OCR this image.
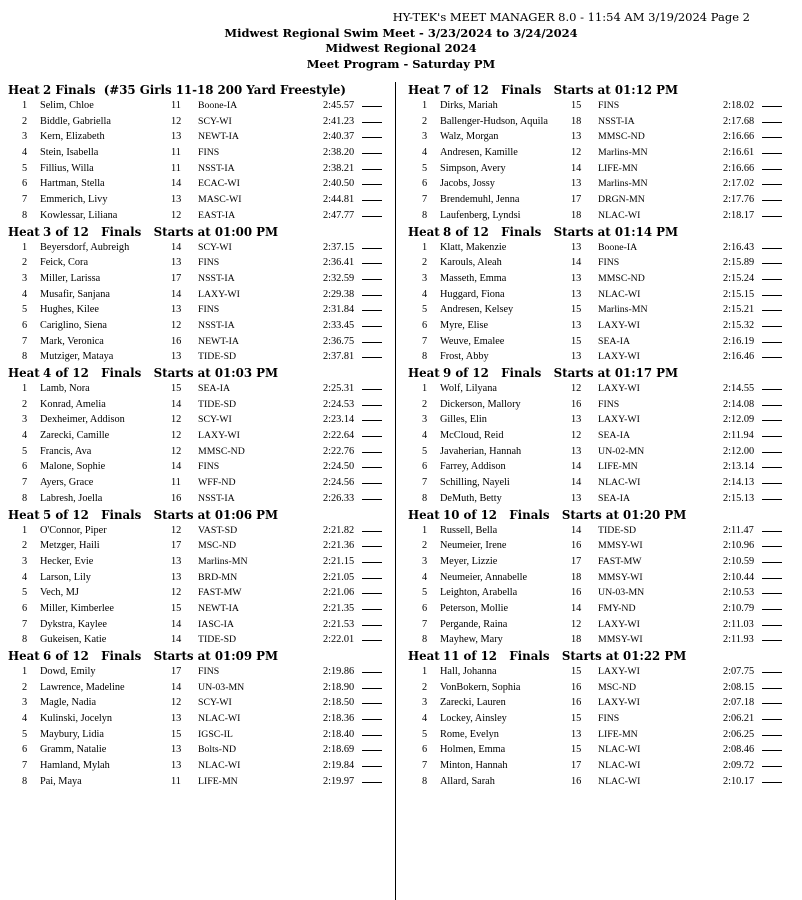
HY-TEK's MEET MANAGER 8.0 - 11:54 AM 3/19/2024 Page 2
Midwest Regional Swim Meet - 3/23/2024 to 3/24/2024
Midwest Regional 2024
Meet Program - Saturday PM
Heat 2 Finals  (#35 Girls 11-18 200 Yard Freestyle)
1	Selim, Chloe	11 Boone-IA	2:45.57
2	Biddle, Gabriella	12 SCY-WI	2:41.23
3	Kern, Elizabeth	13 NEWT-IA	2:40.37
4	Stein, Isabella	11 FINS	2:38.20
5	Fillius, Willa	11 NSST-IA	2:38.21
6	Hartman, Stella	14 ECAC-WI	2:40.50
7	Emmerich, Livy	13 MASC-WI	2:44.81
8	Kowlessar, Liliana	12 EAST-IA	2:47.77
Heat 3 of 12   Finals   Starts at 01:00 PM
1	Beyersdorf, Aubreigh	14 SCY-WI	2:37.15
2	Feick, Cora	13 FINS	2:36.41
3	Miller, Larissa	17 NSST-IA	2:32.59
4	Musafir, Sanjana	14 LAXY-WI	2:29.38
5	Hughes, Kilee	13 FINS	2:31.84
6	Cariglino, Siena	12 NSST-IA	2:33.45
7	Mark, Veronica	16 NEWT-IA	2:36.75
8	Mutziger, Mataya	13 TIDE-SD	2:37.81
Heat 4 of 12   Finals   Starts at 01:03 PM
1	Lamb, Nora	15 SEA-IA	2:25.31
2	Konrad, Amelia	14 TIDE-SD	2:24.53
3	Dexheimer, Addison	12 SCY-WI	2:23.14
4	Zarecki, Camille	12 LAXY-WI	2:22.64
5	Francis, Ava	12 MMSC-ND	2:22.76
6	Malone, Sophie	14 FINS	2:24.50
7	Ayers, Grace	11 WFF-ND	2:24.56
8	Labresh, Joella	16 NSST-IA	2:26.33
Heat 5 of 12   Finals   Starts at 01:06 PM
1	O'Connor, Piper	12 VAST-SD	2:21.82
2	Metzger, Haili	17 MSC-ND	2:21.36
3	Hecker, Evie	13 Marlins-MN	2:21.15
4	Larson, Lily	13 BRD-MN	2:21.05
5	Vech, MJ	12 FAST-MW	2:21.06
6	Miller, Kimberlee	15 NEWT-IA	2:21.35
7	Dykstra, Kaylee	14 IASC-IA	2:21.53
8	Gukeisen, Katie	14 TIDE-SD	2:22.01
Heat 6 of 12   Finals   Starts at 01:09 PM
1	Dowd, Emily	17 FINS	2:19.86
2	Lawrence, Madeline	14 UN-03-MN	2:18.90
3	Magle, Nadia	12 SCY-WI	2:18.50
4	Kulinski, Jocelyn	13 NLAC-WI	2:18.36
5	Maybury, Lidia	15 IGSC-IL	2:18.40
6	Gramm, Natalie	13 Bolts-ND	2:18.69
7	Hamland, Mylah	13 NLAC-WI	2:19.84
8	Pai, Maya	11 LIFE-MN	2:19.97
Heat 7 of 12   Finals   Starts at 01:12 PM
1	Dirks, Mariah	15 FINS	2:18.02
2	Ballenger-Hudson, Aquila 18 NSST-IA	2:17.68
3	Walz, Morgan	13 MMSC-ND	2:16.66
4	Andresen, Kamille	12 Marlins-MN	2:16.61
5	Simpson, Avery	14 LIFE-MN	2:16.66
6	Jacobs, Jossy	13 Marlins-MN	2:17.02
7	Brendemuhl, Jenna	17 DRGN-MN	2:17.76
8	Laufenberg, Lyndsi	18 NLAC-WI	2:18.17
Heat 8 of 12   Finals   Starts at 01:14 PM
1	Klatt, Makenzie	13 Boone-IA	2:16.43
2	Karouls, Aleah	14 FINS	2:15.89
3	Masseth, Emma	13 MMSC-ND	2:15.24
4	Huggard, Fiona	13 NLAC-WI	2:15.15
5	Andresen, Kelsey	15 Marlins-MN	2:15.21
6	Myre, Elise	13 LAXY-WI	2:15.32
7	Weuve, Emalee	15 SEA-IA	2:16.19
8	Frost, Abby	13 LAXY-WI	2:16.46
Heat 9 of 12   Finals   Starts at 01:17 PM
1	Wolf, Lilyana	12 LAXY-WI	2:14.55
2	Dickerson, Mallory	16 FINS	2:14.08
3	Gilles, Elin	13 LAXY-WI	2:12.09
4	McCloud, Reid	12 SEA-IA	2:11.94
5	Javaherian, Hannah	13 UN-02-MN	2:12.00
6	Farrey, Addison	14 LIFE-MN	2:13.14
7	Schilling, Nayeli	14 NLAC-WI	2:14.13
8	DeMuth, Betty	13 SEA-IA	2:15.13
Heat 10 of 12   Finals   Starts at 01:20 PM
1	Russell, Bella	14 TIDE-SD	2:11.47
2	Neumeier, Irene	16 MMSY-WI	2:10.96
3	Meyer, Lizzie	17 FAST-MW	2:10.59
4	Neumeier, Annabelle	18 MMSY-WI	2:10.44
5	Leighton, Arabella	16 UN-03-MN	2:10.53
6	Peterson, Mollie	14 FMY-ND	2:10.79
7	Pergande, Raina	12 LAXY-WI	2:11.03
8	Mayhew, Mary	18 MMSY-WI	2:11.93
Heat 11 of 12   Finals   Starts at 01:22 PM
1	Hall, Johanna	15 LAXY-WI	2:07.75
2	VonBokern, Sophia	16 MSC-ND	2:08.15
3	Zarecki, Lauren	16 LAXY-WI	2:07.18
4	Lockey, Ainsley	15 FINS	2:06.21
5	Rome, Evelyn	13 LIFE-MN	2:06.25
6	Holmen, Emma	15 NLAC-WI	2:08.46
7	Minton, Hannah	17 NLAC-WI	2:09.72
8	Allard, Sarah	16 NLAC-WI	2:10.17
